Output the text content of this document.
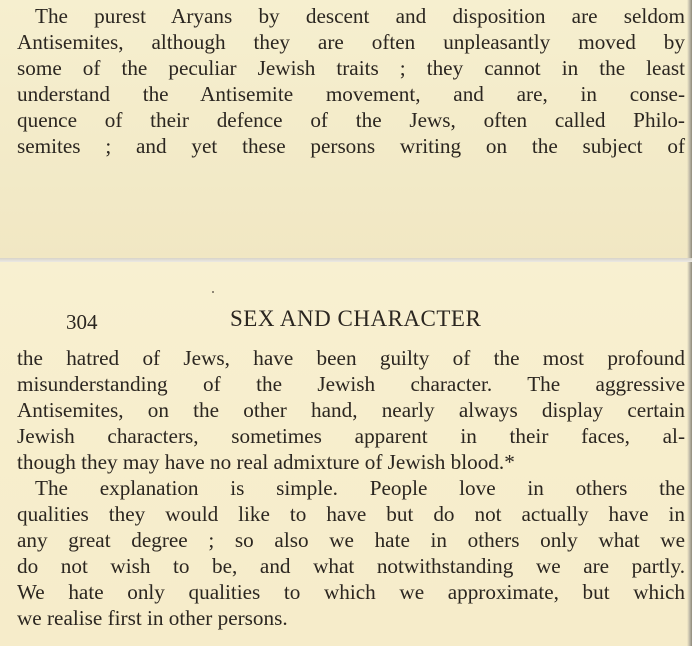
The purest Aryans by descent and disposition are seldom
Antisemites, although they are often unpleasantly moved by
some of the peculiar Jewish traits ; they cannot in the least
understand the Antisemite movement, and are, in conse-
quence of their defence of the Jews, often called Philo-
semites ; and yet these persons writing on the subject of
304	SEX AND CHARACTER
the hatred of Jews, have been guilty of the most profound
misunderstanding of the Jewish character. The aggressive
Antisemites, on the other hand, nearly always display certain
Jewish characters, sometimes apparent in their faces, al-
though they may have no real admixture of Jewish blood.*
The explanation is simple. People love in others the
qualities they would like to have but do not actually have in
any great degree ; so also we hate in others only what we
do not wish to be, and what notwithstanding we are partly.
We hate only qualities to which we approximate, but which
we realise first in other persons.
